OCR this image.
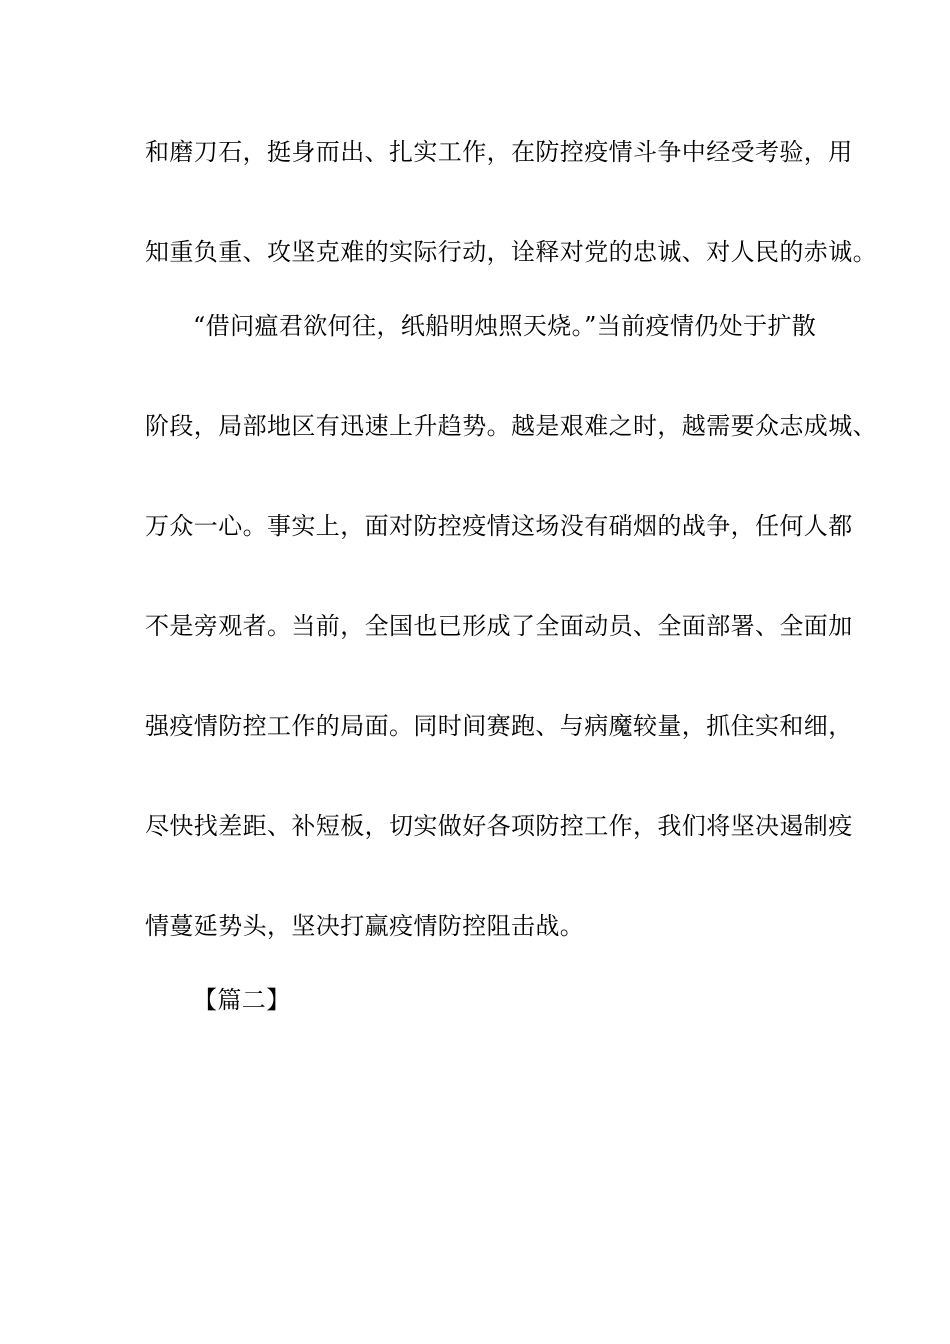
和磨刀石，挺身而出、扎实工作，在防控疫情斗争中经受考验，用
知重负重、攻坚克难的实际行动，诠释对党的忠诚、对人民的赤诚。
“借问瘟君欲何往，纸船明烛照天烧。”当前疫情仍处于扩散
阶段，局部地区有迅速上升趋势。越是艰难之时，越需要众志成城、
万众一心。事实上，面对防控疫情这场没有硝烟的战争，任何人都
不是旁观者。当前，全国也已形成了全面动员、全面部署、全面加
强疫情防控工作的局面。同时间赛跑、与病魔较量，抓住实和细，
尽快找差距、补短板，切实做好各项防控工作，我们将坚决遏制疫
情蔓延势头，坚决打赢疫情防控阻击战。
【篇二】
